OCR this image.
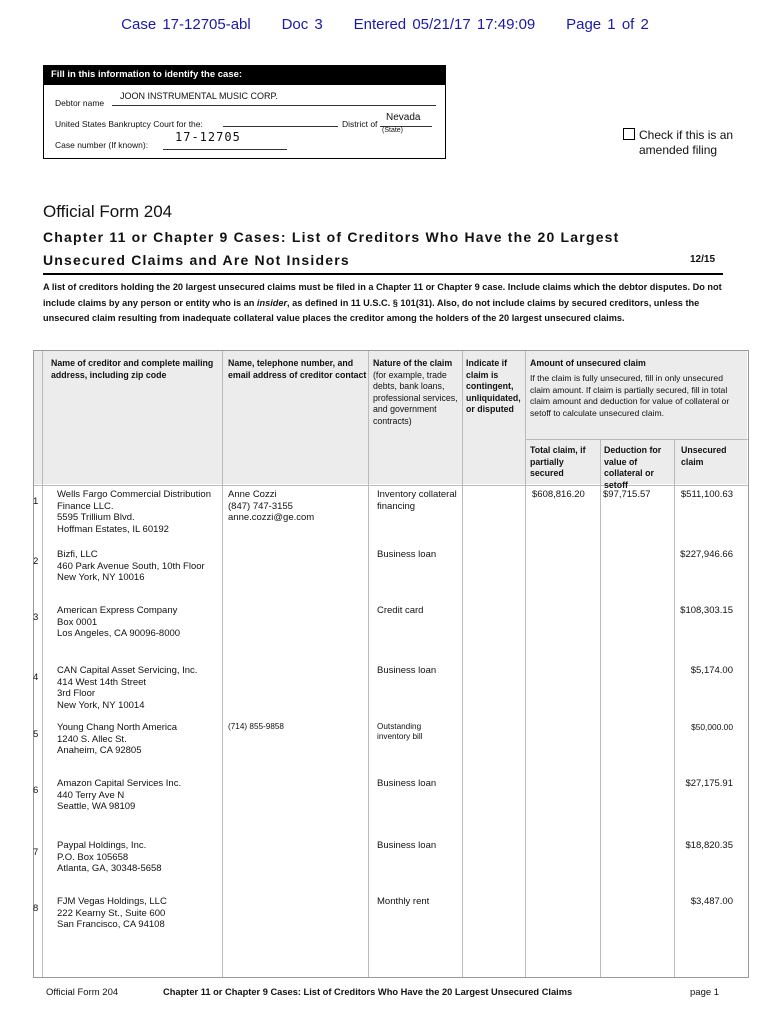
Case 17-12705-abl Doc 3 Entered 05/21/17 17:49:09 Page 1 of 2
Fill in this information to identify the case:
Debtor name
JOON INSTRUMENTAL MUSIC CORP.
United States Bankruptcy Court for the:	District of
Nevada
(State)
Case number (If known):
17-12705	Check if this is an amended filing
Official Form 204
Chapter 11 or Chapter 9 Cases: List of Creditors Who Have the 20 Largest
Unsecured Claims and Are Not Insiders	12/15
A list of creditors holding the 20 largest unsecured claims must be filed in a Chapter 11 or Chapter 9 case. Include claims which the debtor disputes. Do not include claims by any person or entity who is an insider, as defined in 11 U.S.C. § 101(31). Also, do not include claims by secured creditors, unless the unsecured claim resulting from inadequate collateral value places the creditor among the holders of the 20 largest unsecured claims.
Name of creditor and complete mailing address, including zip code
Name, telephone number, and email address of creditor contact
Nature of the claim
(for example, trade debts, bank loans, professional services, and government contracts)
Indicate if claim is contingent, unliquidated, or disputed
Amount of unsecured claim
If the claim is fully unsecured, fill in only unsecured claim amount. If claim is partially secured, fill in total claim amount and deduction for value of collateral or setoff to calculate unsecured claim.
Total claim, if partially secured
Deduction for value of collateral or setoff
Unsecured claim
1
Wells Fargo Commercial Distribution
Finance LLC.
5595 Trillium Blvd.
Hoffman Estates, IL 60192
Anne Cozzi
(847) 747-3155
anne.cozzi@ge.com
Inventory collateral
financing
$608,816.20 $97,715.57	$511,100.63
2
Bizfi, LLC
460 Park Avenue South, 10th Floor
New York, NY 10016
Business loan	$227,946.66
3
American Express Company
Box 0001
Los Angeles, CA 90096-8000
Credit card	$108,303.15
4
CAN Capital Asset Servicing, Inc.
414 West 14th Street
3rd Floor
New York, NY 10014
Business loan	$5,174.00
5
Young Chang North America
1240 S. Allec St.
Anaheim, CA 92805
(714) 855-9858	Outstanding
inventory bill
$50,000.00
6
Amazon Capital Services Inc.
440 Terry Ave N
Seattle, WA 98109
Business loan	$27,175.91
7
Paypal Holdings, Inc.
P.O. Box 105658
Atlanta, GA, 30348-5658
Business loan	$18,820.35
8
FJM Vegas Holdings, LLC
222 Kearny St., Suite 600
San Francisco, CA 94108
Monthly rent	$3,487.00
Official Form 204	Chapter 11 or Chapter 9 Cases: List of Creditors Who Have the 20 Largest Unsecured Claims	page 1
